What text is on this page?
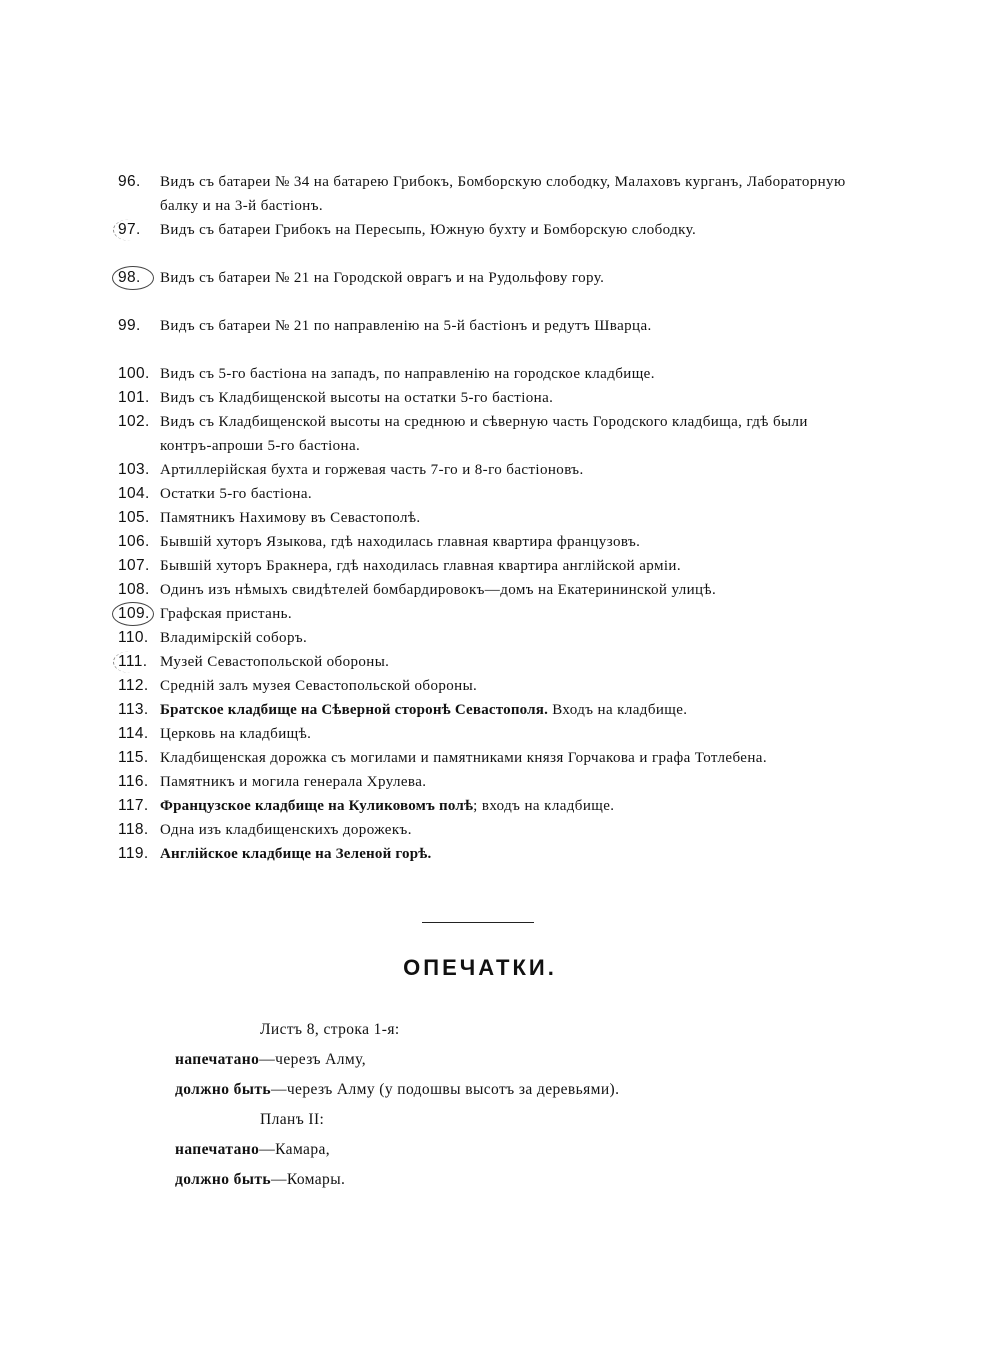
96.	Видъ съ батареи № 34 на батарею Грибокъ, Бомборскую слободку, Малаховъ курганъ, Лабораторную балку и на 3-й бастіонъ.
97.	Видъ съ батареи Грибокъ на Пересыпь, Южную бухту и Бомборскую слободку.
98.	Видъ съ батареи № 21 на Городской оврагъ и на Рудольфову гору.
99.	Видъ съ батареи № 21 по направленію на 5-й бастіонъ и редутъ Шварца.
100. Видъ съ 5-го бастіона на западъ, по направленію на городское кладбище.
101. Видъ съ Кладбищенской высоты на остатки 5-го бастіона.
102. Видъ съ Кладбищенской высоты на среднюю и сѣверную часть Городского кладбища, гдѣ были контръ-апроши 5-го бастіона.
103. Артиллерійская бухта и горжевая часть 7-го и 8-го бастіоновъ.
104. Остатки 5-го бастіона.
105. Памятникъ Нахимову въ Севастополѣ.
106. Бывшій хуторъ Языкова, гдѣ находилась главная квартира французовъ.
107. Бывшій хуторъ Бракнера, гдѣ находилась главная квартира англійской арміи.
108. Одинъ изъ нѣмыхъ свидѣтелей бомбардировокъ—домъ на Екатерининской улицѣ.
109. Графская пристань.
110. Владимірскій соборъ.
111. Музей Севастопольской обороны.
112. Средній залъ музея Севастопольской обороны.
113. Братское кладбище на Сѣверной сторонѣ Севастополя. Входъ на кладбище.
114. Церковь на кладбищѣ.
115. Кладбищенская дорожка съ могилами и памятниками князя Горчакова и графа Тотлебена.
116. Памятникъ и могила генерала Хрулева.
117. Французское кладбище на Куликовомъ полѣ; входъ на кладбище.
118. Одна изъ кладбищенскихъ дорожекъ.
119. Англійское кладбище на Зеленой горѣ.
ОПЕЧАТКИ.
Листъ 8, строка 1-я:
напечатано—черезъ Алму,
должно быть—черезъ Алму (у подошвы высотъ за деревьями).
Планъ II:
напечатано—Камара,
должно быть—Комары.
